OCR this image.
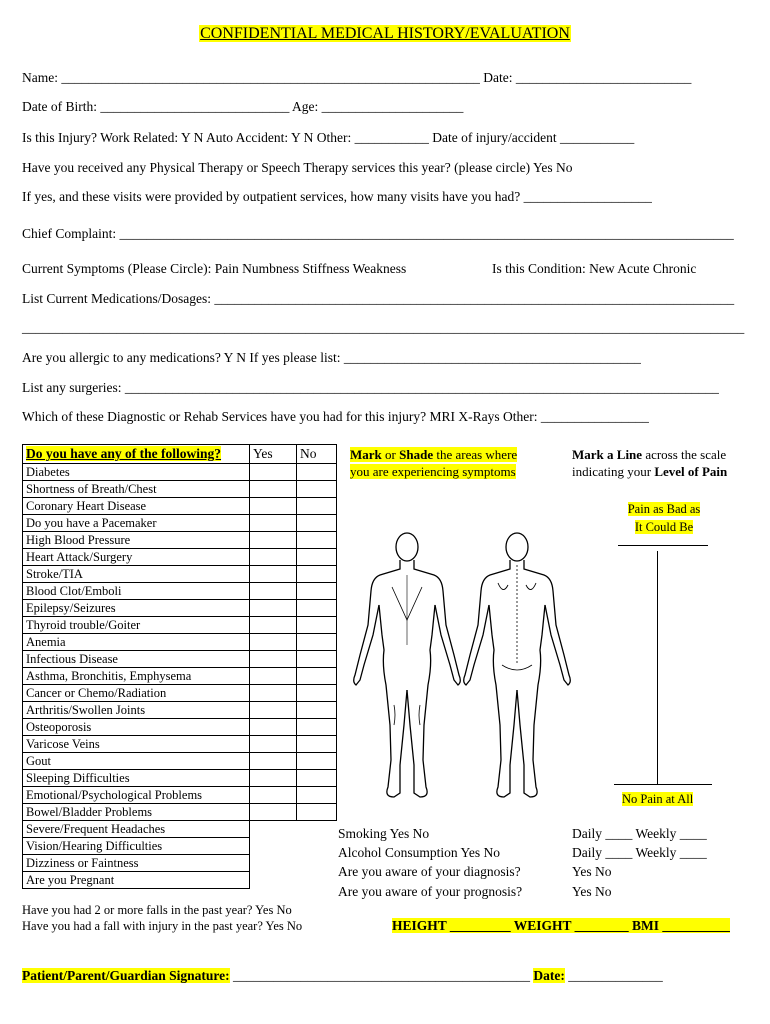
CONFIDENTIAL MEDICAL HISTORY/EVALUATION
Name: ______________________________________________________________ Date: __________________________
Date of Birth: ____________________________ Age: _____________________
Is this Injury? Work Related: Y N Auto Accident: Y N Other: ___________ Date of injury/accident ___________
Have you received any Physical Therapy or Speech Therapy services this year? (please circle) Yes No
If yes, and these visits were provided by outpatient services, how many visits have you had? ___________________
Chief Complaint: ___________________________________________________________________________________________
Current Symptoms (Please Circle): Pain Numbness Stiffness Weakness	Is this Condition: New Acute Chronic
List Current Medications/Dosages: _____________________________________________________________________________
___________________________________________________________________________________________________________
Are you allergic to any medications? Y N If yes please list: ____________________________________________
List any surgeries: ________________________________________________________________________________________
Which of these Diagnostic or Rehab Services have you had for this injury? MRI X-Rays Other: ________________
Do you have any of the following?	Yes	No
Diabetes		
Shortness of Breath/Chest		
Coronary Heart Disease		
Do you have a Pacemaker		
High Blood Pressure		
Heart Attack/Surgery		
Stroke/TIA		
Blood Clot/Emboli		
Epilepsy/Seizures		
Thyroid trouble/Goiter		
Anemia		
Infectious Disease		
Asthma, Bronchitis, Emphysema		
Cancer or Chemo/Radiation		
Arthritis/Swollen Joints		
Osteoporosis		
Varicose Veins		
Gout		
Sleeping Difficulties		
Emotional/Psychological Problems		
Bowel/Bladder Problems		
Severe/Frequent Headaches		
Vision/Hearing Difficulties		
Dizziness or Faintness		
Are you Pregnant		
Mark or Shade the areas where
you are experiencing symptoms
Mark a Line across the scale
indicating your Level of Pain
Pain as Bad as
It Could Be
No Pain at All
Smoking Yes No	Daily ____ Weekly ____
Alcohol Consumption Yes No	Daily ____ Weekly ____
Are you aware of your diagnosis?	Yes No
Are you aware of your prognosis?	Yes No
Have you had 2 or more falls in the past year? Yes No
Have you had a fall with injury in the past year? Yes No	HEIGHT _________ WEIGHT ________ BMI __________
Patient/Parent/Guardian Signature: ____________________________________________ Date: ______________
